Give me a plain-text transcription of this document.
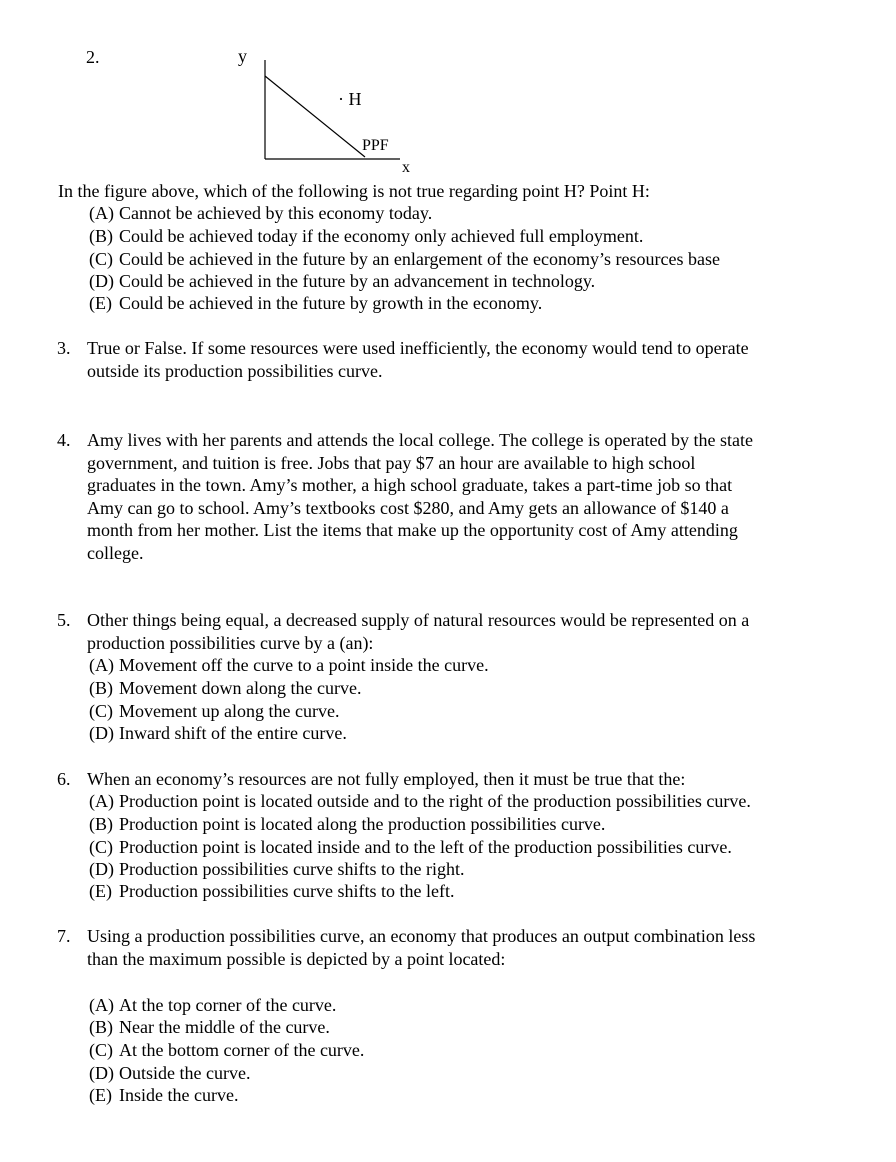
2.	y
· H
PPF
x
In the figure above, which of the following is not true regarding point H? Point H:
(A) Cannot be achieved by this economy today.
(B) Could be achieved today if the economy only achieved full employment.
(C) Could be achieved in the future by an enlargement of the economy’s resources base
(D) Could be achieved in the future by an advancement in technology.
(E) Could be achieved in the future by growth in the economy.
3. True or False. If some resources were used inefficiently, the economy would tend to operate
outside its production possibilities curve.
4. Amy lives with her parents and attends the local college. The college is operated by the state
government, and tuition is free. Jobs that pay $7 an hour are available to high school
graduates in the town. Amy’s mother, a high school graduate, takes a part-time job so that
Amy can go to school. Amy’s textbooks cost $280, and Amy gets an allowance of $140 a
month from her mother. List the items that make up the opportunity cost of Amy attending
college.
5. Other things being equal, a decreased supply of natural resources would be represented on a
production possibilities curve by a (an):
(A) Movement off the curve to a point inside the curve.
(B) Movement down along the curve.
(C) Movement up along the curve.
(D) Inward shift of the entire curve.
6. When an economy’s resources are not fully employed, then it must be true that the:
(A) Production point is located outside and to the right of the production possibilities curve.
(B) Production point is located along the production possibilities curve.
(C) Production point is located inside and to the left of the production possibilities curve.
(D) Production possibilities curve shifts to the right.
(E) Production possibilities curve shifts to the left.
7. Using a production possibilities curve, an economy that produces an output combination less
than the maximum possible is depicted by a point located:
(A) At the top corner of the curve.
(B) Near the middle of the curve.
(C) At the bottom corner of the curve.
(D) Outside the curve.
(E) Inside the curve.
